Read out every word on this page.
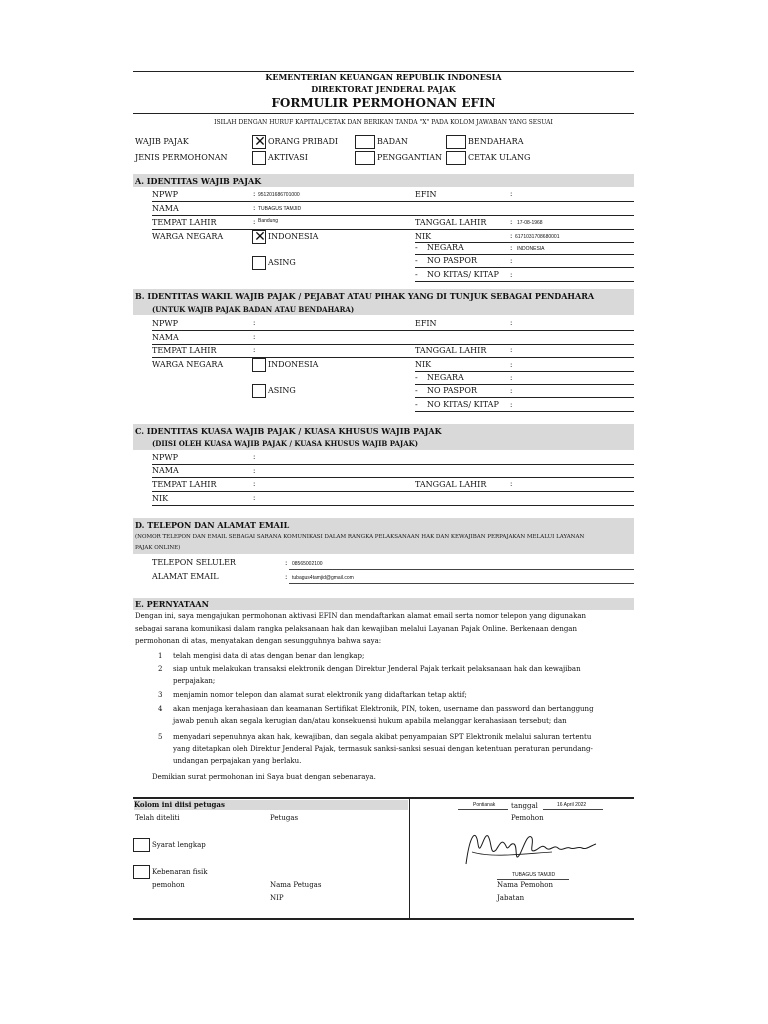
KEMENTERIAN KEUANGAN REPUBLIK INDONESIA
DIREKTORAT JENDERAL PAJAK
FORMULIR PERMOHONAN EFIN
ISILAH DENGAN HURUF KAPITAL/CETAK DAN BERIKAN TANDA "X" PADA KOLOM JAWABAN YANG SESUAI
WAJIB PAJAK	✕ ORANG PRIBADI	BADAN	BENDAHARA
JENIS PERMOHONAN	AKTIVASI	PENGGANTIAN	CETAK ULANG
A. IDENTITAS WAJIB PAJAK
NPWP	: 951201686701000	EFIN	:
NAMA	: TUBAGUS TAMJID
TEMPAT LAHIR	: Bandung	TANGGAL LAHIR	: 17-08-1968
WARGA NEGARA ✕ INDONESIA	NIK	: 6171031708680001
- NEGARA	: INDONESIA
ASING	- NO PASPOR	:
- NO KITAS/ KITAP :
B. IDENTITAS WAKIL WAJIB PAJAK / PEJABAT ATAU PIHAK YANG DI TUNJUK SEBAGAI PENDAHARA
(UNTUK WAJIB PAJAK BADAN ATAU BENDAHARA)
NPWP	:	EFIN	:
NAMA	:
TEMPAT LAHIR	:	TANGGAL LAHIR	:
WARGA NEGARA	INDONESIA	NIK	:
- NEGARA	:
ASING	- NO PASPOR	:
- NO KITAS/ KITAP :
C. IDENTITAS KUASA WAJIB PAJAK / KUASA KHUSUS WAJIB PAJAK
(DIISI OLEH KUASA WAJIB PAJAK / KUASA KHUSUS WAJIB PAJAK)
NPWP	:
NAMA	:
TEMPAT LAHIR	:	TANGGAL LAHIR	:
NIK	:
D. TELEPON DAN ALAMAT EMAIL
(NOMOR TELEPON DAN EMAIL SEBAGAI SARANA KOMUNIKASI DALAM RANGKA PELAKSANAAN HAK DAN KEWAJIBAN PERPAJAKAN MELALUI LAYANAN
PAJAK ONLINE)
TELEPON SELULER	: 08565002100
ALAMAT EMAIL	: tubagus4tamjid@gmail.com
E. PERNYATAAN
Dengan ini, saya mengajukan permohonan aktivasi EFIN dan mendaftarkan alamat email serta nomor telepon yang digunakan
sebagai sarana komunikasi dalam rangka pelaksanaan hak dan kewajiban melalui Layanan Pajak Online. Berkenaan dengan
permohonan di atas, menyatakan dengan sesungguhnya bahwa saya:
1 telah mengisi data di atas dengan benar dan lengkap;
2 siap untuk melakukan transaksi elektronik dengan Direktur Jenderal Pajak terkait pelaksanaan hak dan kewajiban
perpajakan;
3 menjamin nomor telepon dan alamat surat elektronik yang didaftarkan tetap aktif;
4 akan menjaga kerahasiaan dan keamanan Sertifikat Elektronik, PIN, token, username dan password dan bertanggung
jawab penuh akan segala kerugian dan/atau konsekuensi hukum apabila melanggar kerahasiaan tersebut; dan
5 menyadari sepenuhnya akan hak, kewajiban, dan segala akibat penyampaian SPT Elektronik melalui saluran tertentu
yang ditetapkan oleh Direktur Jenderal Pajak, termasuk sanksi-sanksi sesuai dengan ketentuan peraturan perundang-
undangan perpajakan yang berlaku.
Demikian surat permohonan ini Saya buat dengan sebenaraya.
Kolom ini diisi petugas
Telah diteliti	Petugas
Syarat lengkap
Kebenaran fisik
pemohon	Nama Petugas
NIP
Pontianak tanggal	16 April 2022
Pemohon
TUBAGUS TAMJID
Nama Pemohon
Jabatan
